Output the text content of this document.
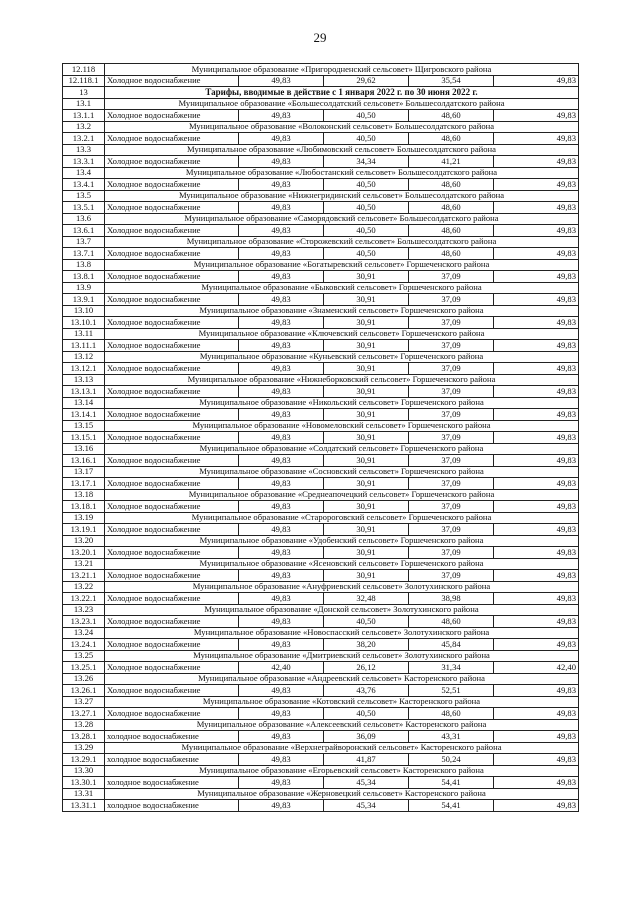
29
12.118	Муниципальное образование «Пригородненский сельсовет» Щигровского района				
12.118.1	Холодное водоснабжение	49,83	29,62	35,54	49,83
13	Тарифы, вводимые в действие с 1 января 2022 г. по 30 июня 2022 г.				
13.1	Муниципальное образование «Большесолдатский сельсовет» Большесолдатского района				
13.1.1	Холодное водоснабжение	49,83	40,50	48,60	49,83
13.2	Муниципальное образование «Волоконский сельсовет» Большесолдатского района				
13.2.1	Холодное водоснабжение	49,83	40,50	48,60	49,83
13.3	Муниципальное образование «Любимовский сельсовет» Большесолдатского района				
13.3.1	Холодное водоснабжение	49,83	34,34	41,21	49,83
13.4	Муниципальное образование «Любостанский сельсовет» Большесолдатского района				
13.4.1	Холодное водоснабжение	49,83	40,50	48,60	49,83
13.5	Муниципальное образование «Нижнегридинский сельсовет» Большесолдатского района				
13.5.1	Холодное водоснабжение	49,83	40,50	48,60	49,83
13.6	Муниципальное образование «Саморядовский сельсовет» Большесолдатского района				
13.6.1	Холодное водоснабжение	49,83	40,50	48,60	49,83
13.7	Муниципальное образование «Сторожевский сельсовет» Большесолдатского района				
13.7.1	Холодное водоснабжение	49,83	40,50	48,60	49,83
13.8	Муниципальное образование «Богатыревский сельсовет» Горшеченского района				
13.8.1	Холодное водоснабжение	49,83	30,91	37,09	49,83
13.9	Муниципальное образование «Быковский сельсовет» Горшеченского района				
13.9.1	Холодное водоснабжение	49,83	30,91	37,09	49,83
13.10	Муниципальное образование «Знаменский сельсовет» Горшеченского района				
13.10.1	Холодное водоснабжение	49,83	30,91	37,09	49,83
13.11	Муниципальное образование «Ключевский сельсовет» Горшеченского района				
13.11.1	Холодное водоснабжение	49,83	30,91	37,09	49,83
13.12	Муниципальное образование «Куньевский сельсовет» Горшеченского района				
13.12.1	Холодное водоснабжение	49,83	30,91	37,09	49,83
13.13	Муниципальное образование «Нижнеборковский сельсовет» Горшеченского района				
13.13.1	Холодное водоснабжение	49,83	30,91	37,09	49,83
13.14	Муниципальное образование «Никольский сельсовет» Горшеченского района				
13.14.1	Холодное водоснабжение	49,83	30,91	37,09	49,83
13.15	Муниципальное образование «Новомеловский сельсовет» Горшеченского района				
13.15.1	Холодное водоснабжение	49,83	30,91	37,09	49,83
13.16	Муниципальное образование «Солдатский сельсовет» Горшеченского района				
13.16.1	Холодное водоснабжение	49,83	30,91	37,09	49,83
13.17	Муниципальное образование «Сосновский сельсовет» Горшеченского района				
13.17.1	Холодное водоснабжение	49,83	30,91	37,09	49,83
13.18	Муниципальное образование «Среднеапочецкий сельсовет» Горшеченского района				
13.18.1	Холодное водоснабжение	49,83	30,91	37,09	49,83
13.19	Муниципальное образование «Старороговский сельсовет» Горшеченского района				
13.19.1	Холодное водоснабжение	49,83	30,91	37,09	49,83
13.20	Муниципальное образование «Удобенский сельсовет» Горшеченского района				
13.20.1	Холодное водоснабжение	49,83	30,91	37,09	49,83
13.21	Муниципальное образование «Ясеновский сельсовет» Горшеченского района				
13.21.1	Холодное водоснабжение	49,83	30,91	37,09	49,83
13.22	Муниципальное образование «Ануфриевский сельсовет» Золотухинского района				
13.22.1	Холодное водоснабжение	49,83	32,48	38,98	49,83
13.23	Муниципальное образование «Донской сельсовет» Золотухинского района				
13.23.1	Холодное водоснабжение	49,83	40,50	48,60	49,83
13.24	Муниципальное образование «Новоспасский сельсовет» Золотухинского района				
13.24.1	Холодное водоснабжение	49,83	38,20	45,84	49,83
13.25	Муниципальное образование «Дмитриевский сельсовет» Золотухинского района				
13.25.1	Холодное водоснабжение	42,40	26,12	31,34	42,40
13.26	Муниципальное образование «Андреевский сельсовет» Касторенского района				
13.26.1	Холодное водоснабжение	49,83	43,76	52,51	49,83
13.27	Муниципальное образование «Котовский сельсовет» Касторенского района				
13.27.1	Холодное водоснабжение	49,83	40,50	48,60	49,83
13.28	Муниципальное образование «Алексеевский сельсовет» Касторенского района				
13.28.1	холодное водоснабжение	49,83	36,09	43,31	49,83
13.29	Муниципальное образование «Верхнеграйворонский сельсовет» Касторенского района				
13.29.1	холодное водоснабжение	49,83	41,87	50,24	49,83
13.30	Муниципальное образование «Егорьевский сельсовет» Касторенского района				
13.30.1	холодное водоснабжение	49,83	45,34	54,41	49,83
13.31	Муниципальное образование «Жерновецкий сельсовет» Касторенского района				
13.31.1	холодное водоснабжение	49,83	45,34	54,41	49,83
